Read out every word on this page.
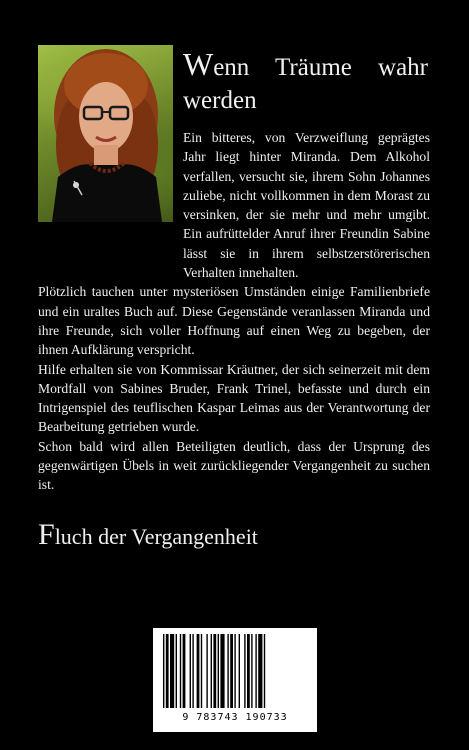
Wenn Träume wahr
werden

Ein bitteres, von Verzweiflung geprägtes Jahr liegt hinter Miranda. Dem Alkohol verfallen, versucht sie, ihrem Sohn Johannes zuliebe, nicht vollkommen in dem Morast zu versinken, der sie mehr und mehr umgibt. Ein aufrüttelder Anruf ihrer Freundin Sabine lässt sie in ihrem selbstzerstörerischen Verhalten innehalten.

Plötzlich tauchen unter mysteriösen Umständen einige Familienbriefe und ein uraltes Buch auf. Diese Gegenstände veranlassen Miranda und ihre Freunde, sich voller Hoffnung auf einen Weg zu begeben, der ihnen Aufklärung verspricht.

Hilfe erhalten sie von Kommissar Kräutner, der sich seinerzeit mit dem Mordfall von Sabines Bruder, Frank Trinel, befasste und durch ein Intrigenspiel des teuflischen Kaspar Leimas aus der Verantwortung der Bearbeitung getrieben wurde.

Schon bald wird allen Beteiligten deutlich, dass der Ursprung des gegenwärtigen Übels in weit zurückliegender Vergangenheit zu suchen ist.

Fluch der Vergangenheit
9 783743 190733
